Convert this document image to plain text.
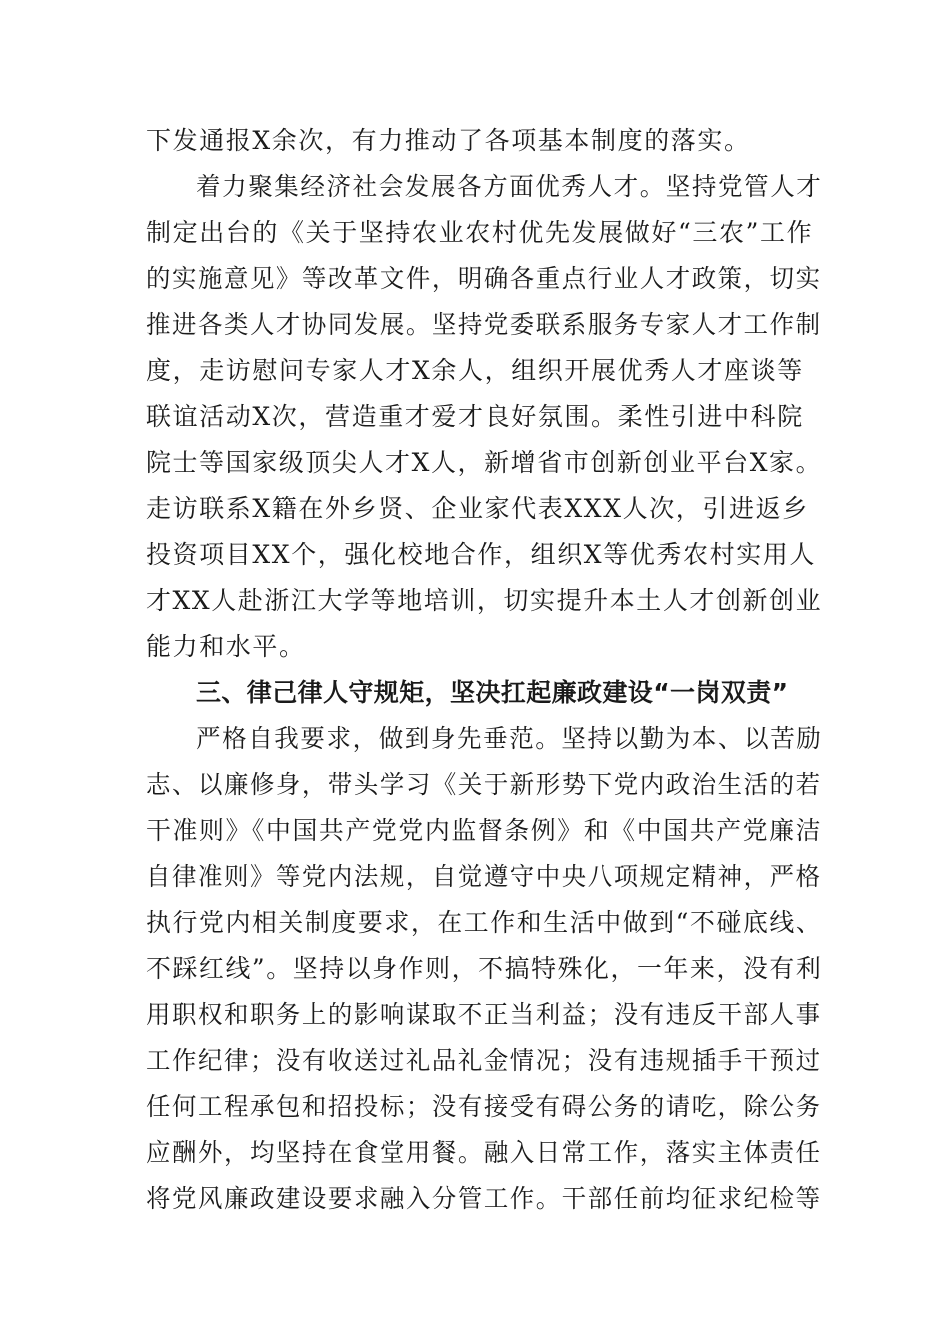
下发通报X余次，有力推动了各项基本制度的落实。
着力聚集经济社会发展各方面优秀人才。坚持党管人才
制定出台的《关于坚持农业农村优先发展做好“三农”工作
的实施意见》等改革文件，明确各重点行业人才政策，切实
推进各类人才协同发展。坚持党委联系服务专家人才工作制
度，走访慰问专家人才X余人，组织开展优秀人才座谈等
联谊活动X次，营造重才爱才良好氛围。柔性引进中科院
院士等国家级顶尖人才X人，新增省市创新创业平台X家。
走访联系X籍在外乡贤、企业家代表XXX人次，引进返乡
投资项目XX个，强化校地合作，组织X等优秀农村实用人
才XX人赴浙江大学等地培训，切实提升本土人才创新创业
能力和水平。
三、律己律人守规矩，坚决扛起廉政建设“一岗双责”
严格自我要求，做到身先垂范。坚持以勤为本、以苦励
志、以廉修身，带头学习《关于新形势下党内政治生活的若
干准则》《中国共产党党内监督条例》和《中国共产党廉洁
自律准则》等党内法规，自觉遵守中央八项规定精神，严格
执行党内相关制度要求，在工作和生活中做到“不碰底线、
不踩红线”。坚持以身作则，不搞特殊化，一年来，没有利
用职权和职务上的影响谋取不正当利益；没有违反干部人事
工作纪律；没有收送过礼品礼金情况；没有违规插手干预过
任何工程承包和招投标；没有接受有碍公务的请吃，除公务
应酬外，均坚持在食堂用餐。融入日常工作，落实主体责任
将党风廉政建设要求融入分管工作。干部任前均征求纪检等
